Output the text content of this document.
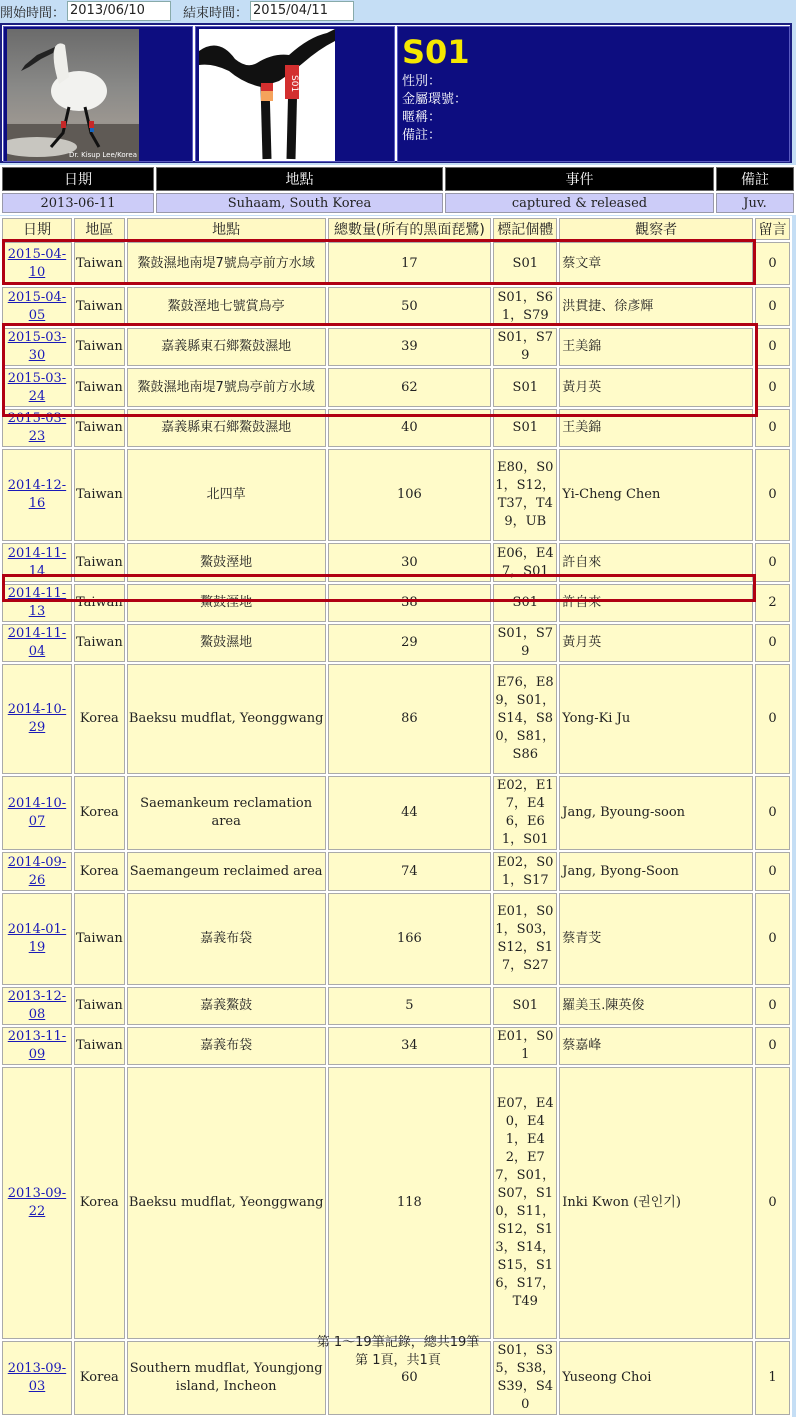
開始時間： 2013/06/10	結束時間： 2015/04/11
Dr. Kisup Lee/Korea
S01
S01
性別：
金屬環號：
暱稱：
備註：
日期	地點	事件	備註
2013-06-11	Suhaam, South Korea	captured & released	Juv.
日期	地區	地點	總數量(所有的黑面琵鷺)	標記個體	觀察者	留言
2015-04-10	Taiwan	鰲鼓濕地南堤7號鳥亭前方水域	17	S01	蔡文章	0
2015-04-05	Taiwan	鰲鼓溼地七號賞鳥亭	50	S01，S61，S79	洪貫捷、徐彥輝	0
2015-03-30	Taiwan	嘉義縣東石鄉鰲鼓濕地	39	S01，S79	王美錦	0
2015-03-24	Taiwan	鰲鼓濕地南堤7號鳥亭前方水域	62	S01	黃月英	0
2015-03-23	Taiwan	嘉義縣東石鄉鰲鼓濕地	40	S01	王美錦	0
2014-12-16	Taiwan	北四草	106	E80，S01，S12，T37，T49，UB	Yi-Cheng Chen	0
2014-11-14	Taiwan	鰲鼓溼地	30	E06，E47，S01	許自來	0
2014-11-13	Taiwan	鰲鼓溼地	38	S01	許自來	2
2014-11-04	Taiwan	鰲鼓濕地	29	S01，S79	黃月英	0
2014-10-29	Korea	Baeksu mudflat, Yeonggwang	86	E76，E89，S01，S14，S80，S81，S86	Yong-Ki Ju	0
2014-10-07	Korea	Saemankeum reclamation area	44	E02，E17，E46，E61，S01	Jang, Byoung-soon	0
2014-09-26	Korea	Saemangeum reclaimed area	74	E02，S01，S17	Jang, Byong-Soon	0
2014-01-19	Taiwan	嘉義布袋	166	E01，S01，S03，S12，S17，S27	蔡青芠	0
2013-12-08	Taiwan	嘉義鰲鼓	5	S01	羅美玉.陳英俊	0
2013-11-09	Taiwan	嘉義布袋	34	E01，S01	蔡嘉峰	0
2013-09-22	Korea	Baeksu mudflat, Yeonggwang	118	E07，E40，E41，E42，E77，S01，S07，S10，S11，S12，S13，S14，S15，S16，S17，T49	Inki Kwon (권인기)	0
2013-09-03	Korea	Southern mudflat, Youngjong island, Incheon	60	S01，S35，S38，S39，S40	Yuseong Choi	1
第 1～19筆記錄，總共19筆
第 1頁，共1頁
